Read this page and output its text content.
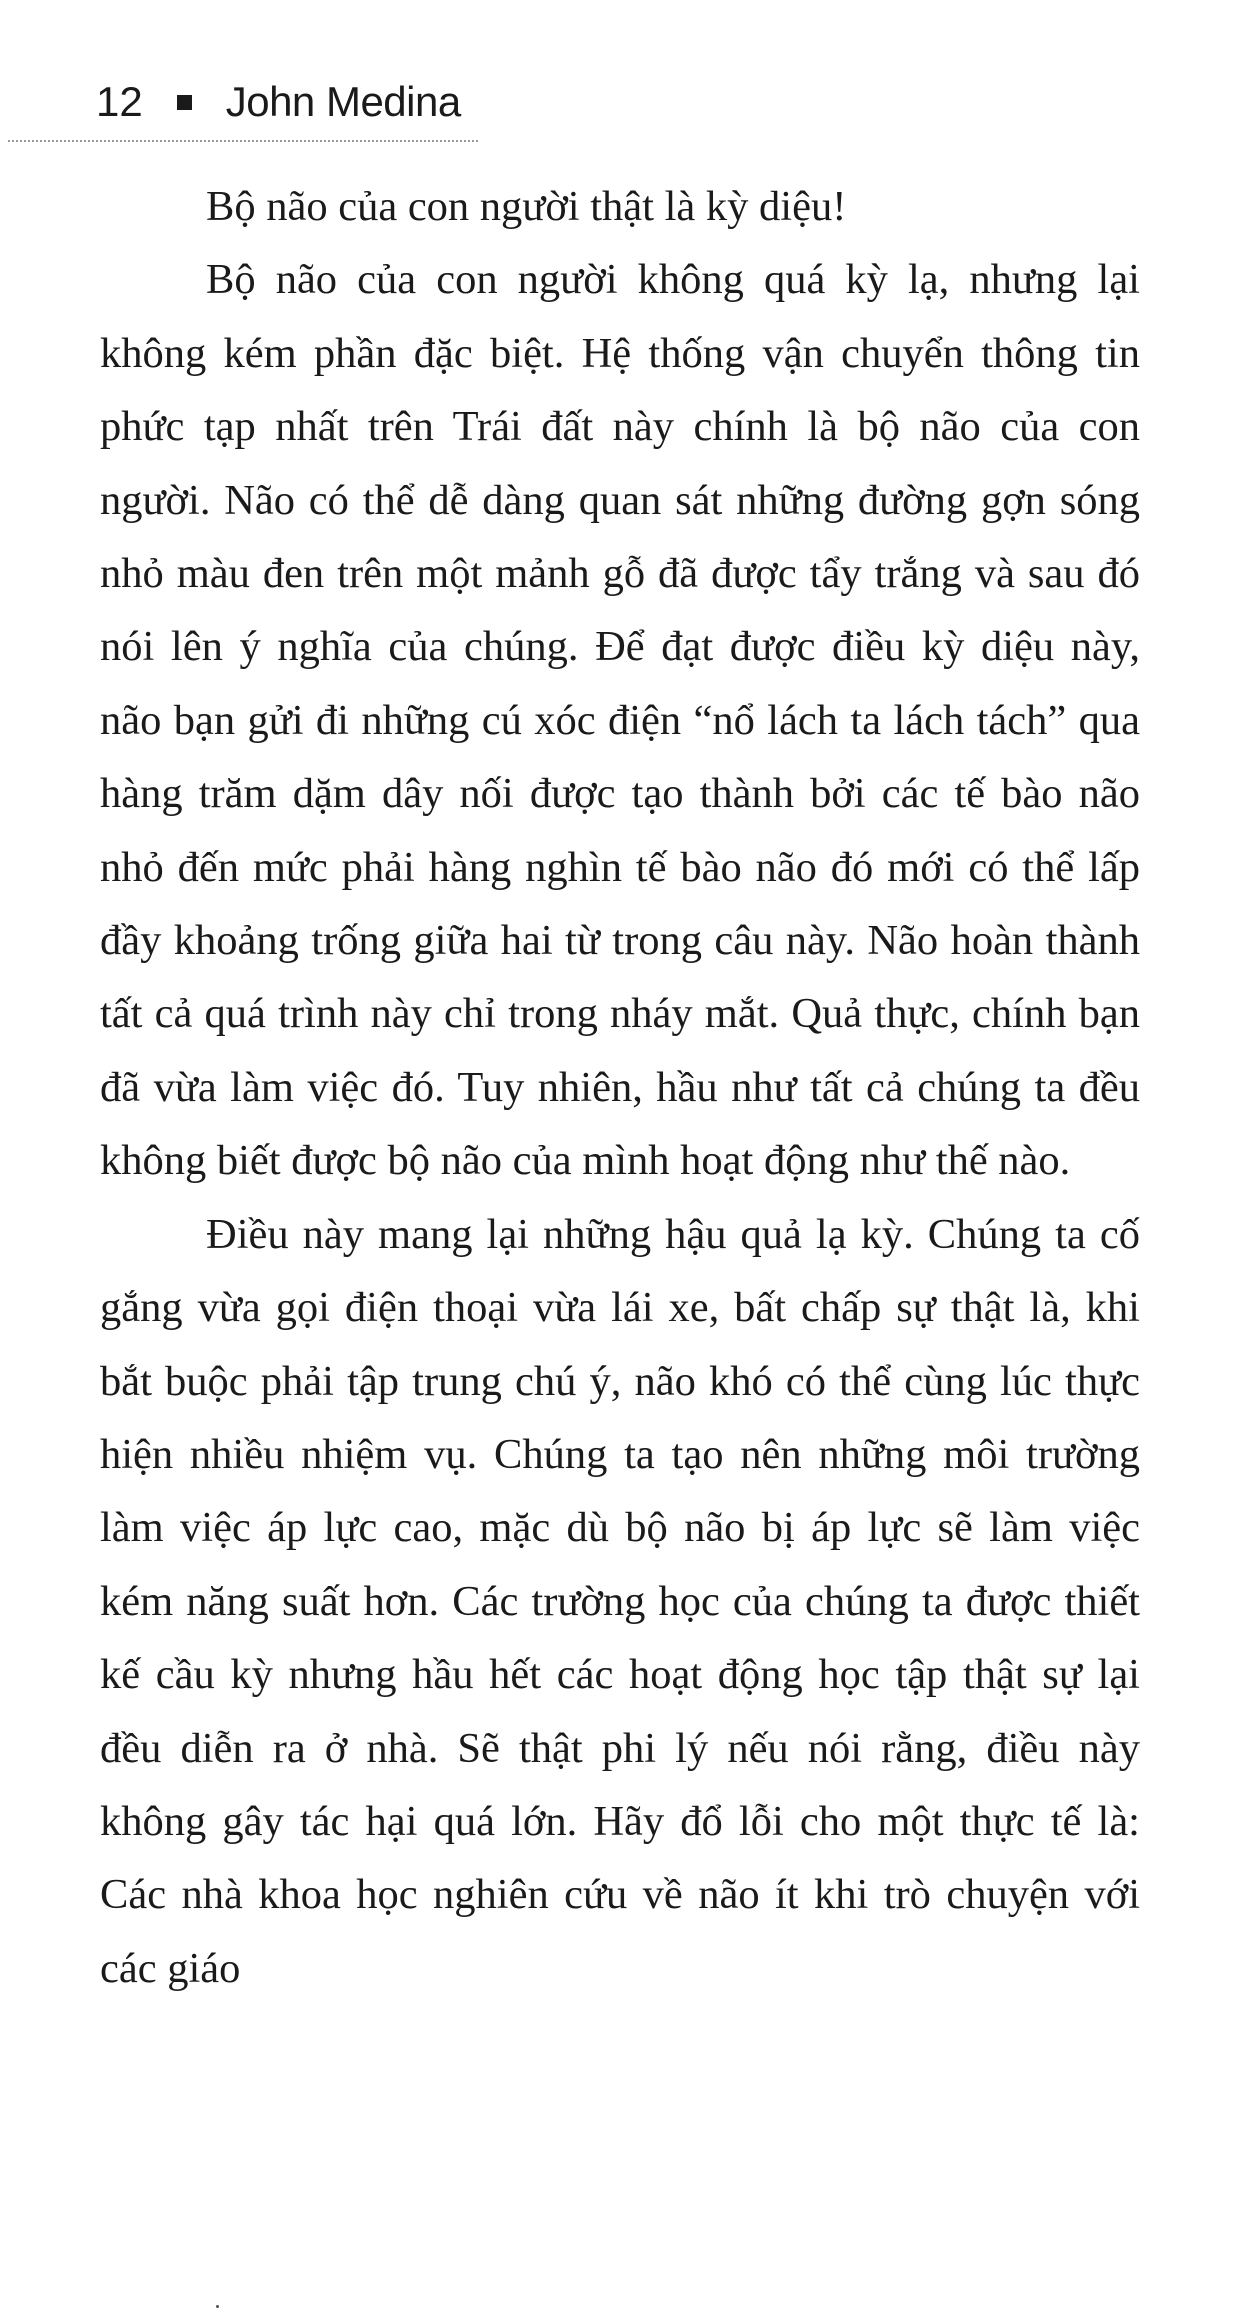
12 John Medina

Bộ não của con người thật là kỳ diệu!

Bộ não của con người không quá kỳ lạ, nhưng lại không kém phần đặc biệt. Hệ thống vận chuyển thông tin phức tạp nhất trên Trái đất này chính là bộ não của con người. Não có thể dễ dàng quan sát những đường gợn sóng nhỏ màu đen trên một mảnh gỗ đã được tẩy trắng và sau đó nói lên ý nghĩa của chúng. Để đạt được điều kỳ diệu này, não bạn gửi đi những cú xóc điện “nổ lách ta lách tách” qua hàng trăm dặm dây nối được tạo thành bởi các tế bào não nhỏ đến mức phải hàng nghìn tế bào não đó mới có thể lấp đầy khoảng trống giữa hai từ trong câu này. Não hoàn thành tất cả quá trình này chỉ trong nháy mắt. Quả thực, chính bạn đã vừa làm việc đó. Tuy nhiên, hầu như tất cả chúng ta đều không biết được bộ não của mình hoạt động như thế nào.

Điều này mang lại những hậu quả lạ kỳ. Chúng ta cố gắng vừa gọi điện thoại vừa lái xe, bất chấp sự thật là, khi bắt buộc phải tập trung chú ý, não khó có thể cùng lúc thực hiện nhiều nhiệm vụ. Chúng ta tạo nên những môi trường làm việc áp lực cao, mặc dù bộ não bị áp lực sẽ làm việc kém năng suất hơn. Các trường học của chúng ta được thiết kế cầu kỳ nhưng hầu hết các hoạt động học tập thật sự lại đều diễn ra ở nhà. Sẽ thật phi lý nếu nói rằng, điều này không gây tác hại quá lớn. Hãy đổ lỗi cho một thực tế là: Các nhà khoa học nghiên cứu về não ít khi trò chuyện với các giáo
